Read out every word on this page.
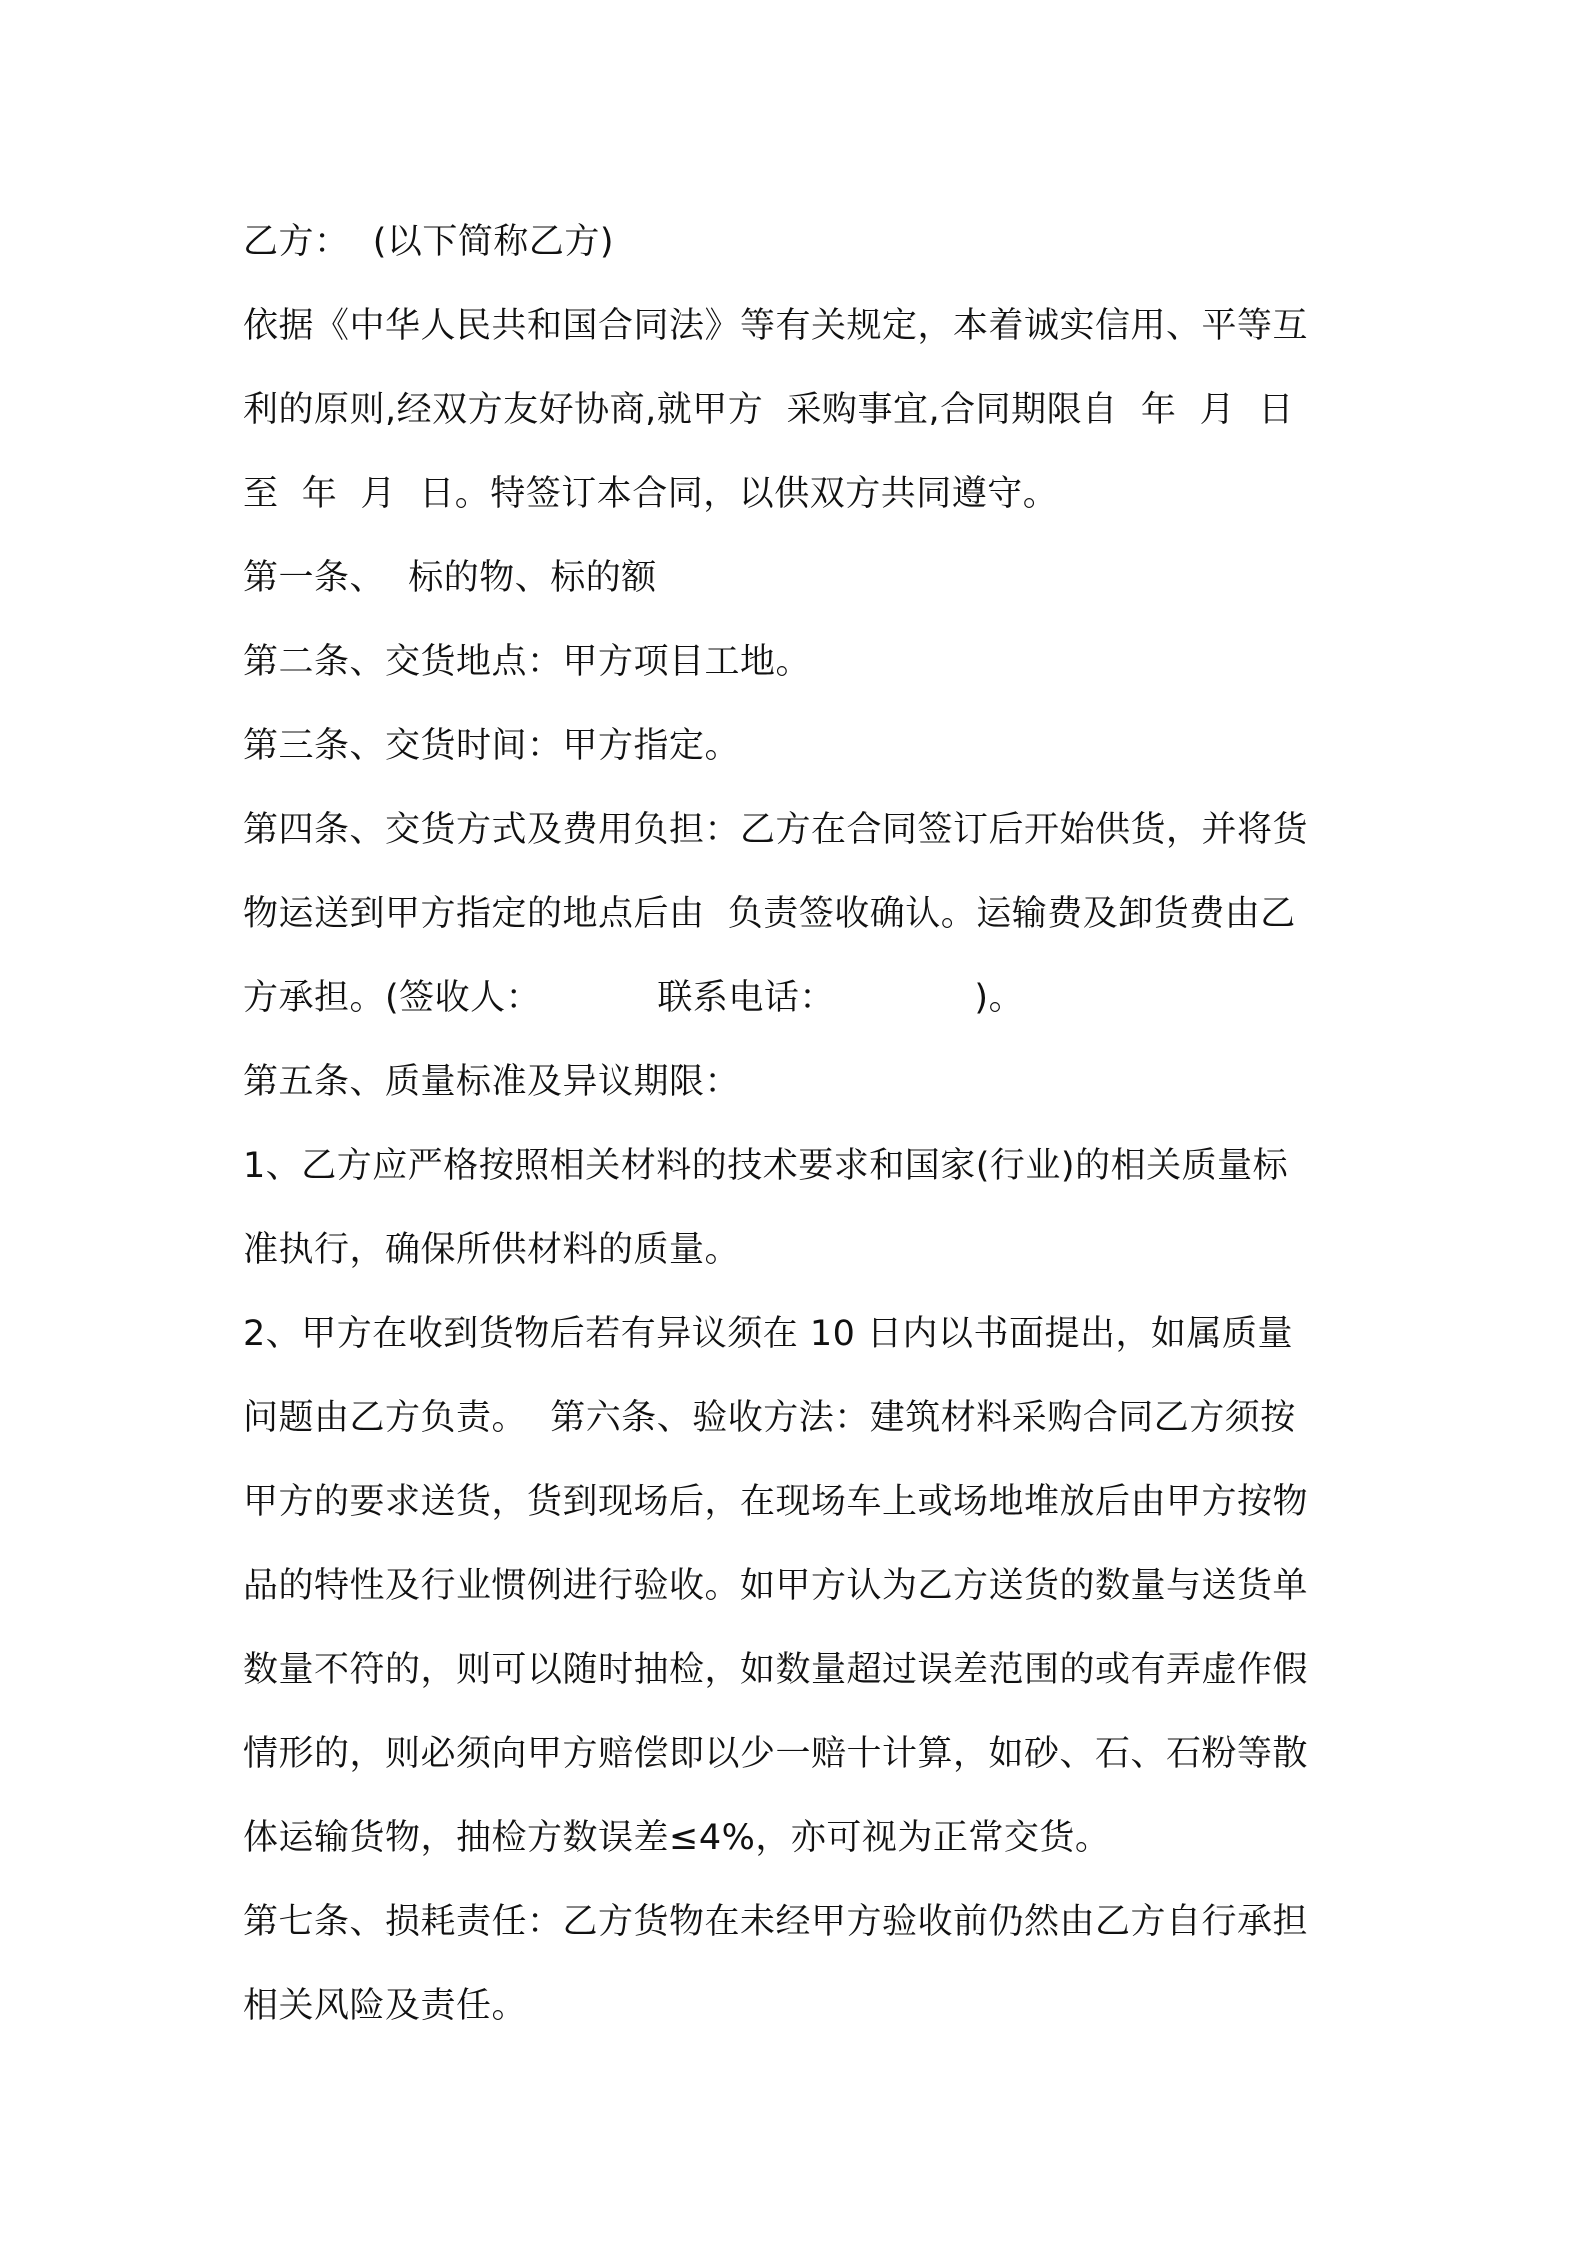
乙方：  (以下简称乙方)
依据《中华人民共和国合同法》等有关规定，本着诚实信用、平等互
利的原则,经双方友好协商,就甲方  采购事宜,合同期限自  年  月  日
至  年  月  日。特签订本合同，以供双方共同遵守。
第一条、  标的物、标的额
第二条、交货地点：甲方项目工地。
第三条、交货时间：甲方指定。
第四条、交货方式及费用负担：乙方在合同签订后开始供货，并将货
物运送到甲方指定的地点后由  负责签收确认。运输费及卸货费由乙
方承担。(签收人：          联系电话：            )。
第五条、质量标准及异议期限：
1、乙方应严格按照相关材料的技术要求和国家(行业)的相关质量标
准执行，确保所供材料的质量。
2、甲方在收到货物后若有异议须在 10 日内以书面提出，如属质量
问题由乙方负责。  第六条、验收方法：建筑材料采购合同乙方须按
甲方的要求送货，货到现场后，在现场车上或场地堆放后由甲方按物
品的特性及行业惯例进行验收。如甲方认为乙方送货的数量与送货单
数量不符的，则可以随时抽检，如数量超过误差范围的或有弄虚作假
情形的，则必须向甲方赔偿即以少一赔十计算，如砂、石、石粉等散
体运输货物，抽检方数误差≤4%，亦可视为正常交货。
第七条、损耗责任：乙方货物在未经甲方验收前仍然由乙方自行承担
相关风险及责任。
